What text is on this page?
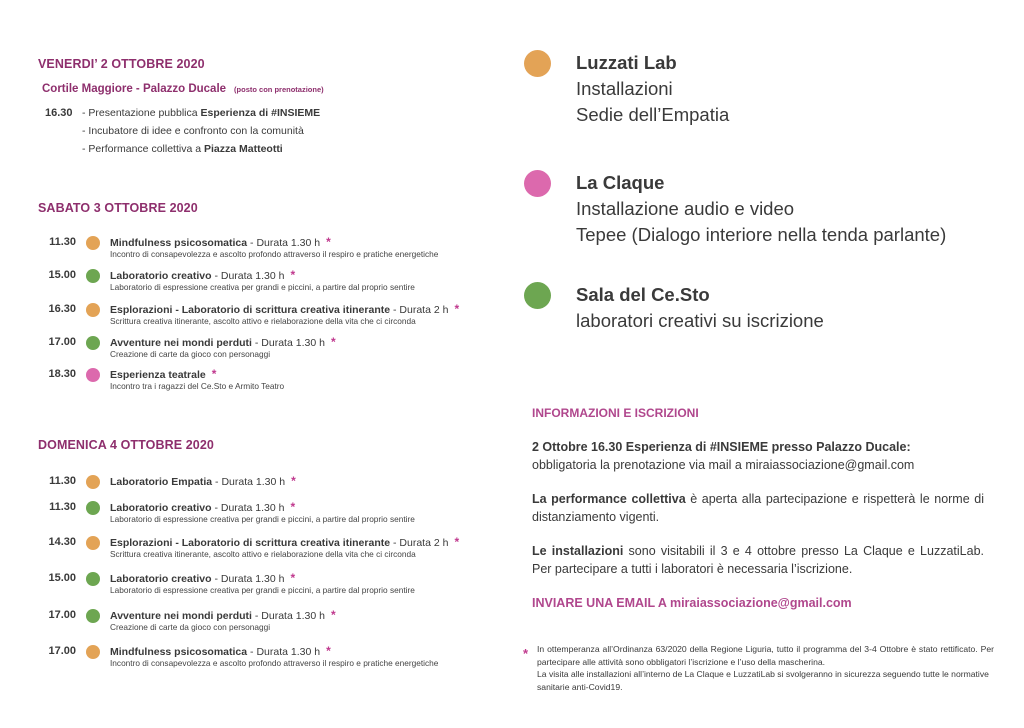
VENERDI’ 2 OTTOBRE 2020
Cortile Maggiore - Palazzo Ducale (posto con prenotazione)
16.30 - Presentazione pubblica Esperienza di #INSIEME
- Incubatore di idee e confronto con la comunità
- Performance collettiva a Piazza Matteotti
SABATO 3 OTTOBRE 2020
11.30	Mindfulness psicosomatica - Durata 1.30 h *
Incontro di consapevolezza e ascolto profondo attraverso il respiro e pratiche energetiche
15.00	Laboratorio creativo - Durata 1.30 h *
Laboratorio di espressione creativa per grandi e piccini, a partire dal proprio sentire
16.30	Esplorazioni - Laboratorio di scrittura creativa itinerante - Durata 2 h *
Scrittura creativa itinerante, ascolto attivo e rielaborazione della vita che ci circonda
17.00	Avventure nei mondi perduti - Durata 1.30 h *
Creazione di carte da gioco con personaggi
18.30	Esperienza teatrale *
Incontro tra i ragazzi del Ce.Sto e Armito Teatro
DOMENICA 4 OTTOBRE 2020
11.30	Laboratorio Empatia - Durata 1.30 h *
11.30	Laboratorio creativo - Durata 1.30 h *
Laboratorio di espressione creativa per grandi e piccini, a partire dal proprio sentire
14.30	Esplorazioni - Laboratorio di scrittura creativa itinerante - Durata 2 h *
Scrittura creativa itinerante, ascolto attivo e rielaborazione della vita che ci circonda
15.00	Laboratorio creativo - Durata 1.30 h *
Laboratorio di espressione creativa per grandi e piccini, a partire dal proprio sentire
17.00	Avventure nei mondi perduti - Durata 1.30 h *
Creazione di carte da gioco con personaggi
17.00	Mindfulness psicosomatica - Durata 1.30 h *
Incontro di consapevolezza e ascolto profondo attraverso il respiro e pratiche energetiche
Luzzati Lab
Installazioni
Sedie dell’Empatia
La Claque
Installazione audio e video
Tepee (Dialogo interiore nella tenda parlante)
Sala del Ce.Sto
laboratori creativi su iscrizione
INFORMAZIONI E ISCRIZIONI
2 Ottobre 16.30 Esperienza di #INSIEME presso Palazzo Ducale:
obbligatoria la prenotazione via mail a miraiassociazione@gmail.com
La performance collettiva è aperta alla partecipazione e rispetterà le norme di distanziamento vigenti.
Le installazioni sono visitabili il 3 e 4 ottobre presso La Claque e LuzzatiLab. Per partecipare a tutti i laboratori è necessaria l’iscrizione.
INVIARE UNA EMAIL A miraiassociazione@gmail.com
* In ottemperanza all’Ordinanza 63/2020 della Regione Liguria, tutto il programma del 3-4 Ottobre è stato rettificato. Per partecipare alle attività sono obbligatori l’iscrizione e l’uso della mascherina.
La visita alle installazioni all’interno de La Claque e LuzzatiLab si svolgeranno in sicurezza seguendo tutte le normative sanitarie anti-Covid19.
